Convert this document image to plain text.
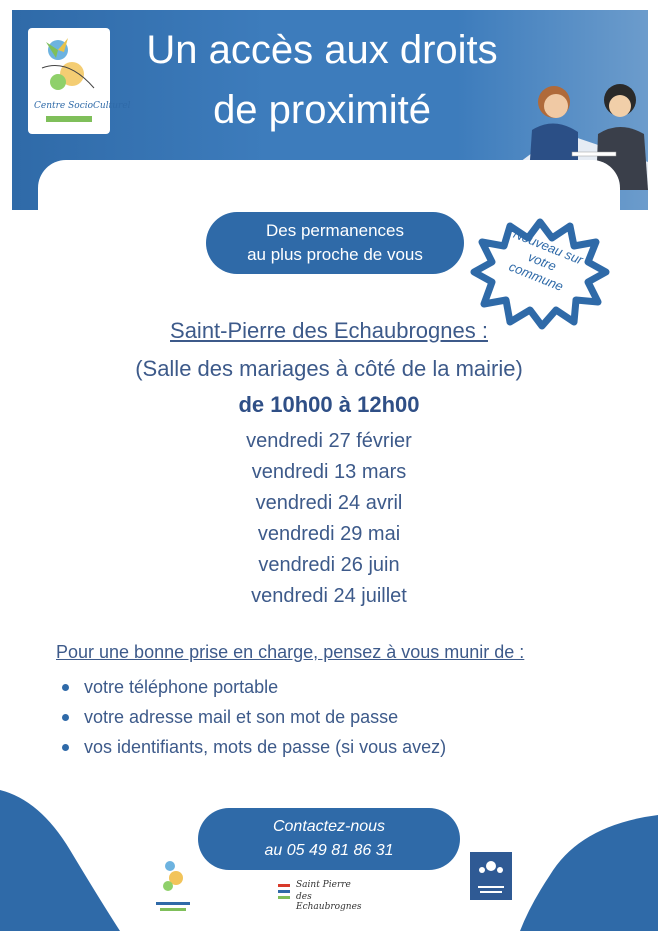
Centre SocioCulturel
Un accès aux droits
de proximité
Des permanences
au plus proche de vous	Nouveau sur votre commune
Saint-Pierre des Echaubrognes :
(Salle des mariages à côté de la mairie)
de 10h00 à 12h00
vendredi 27 février
vendredi 13 mars
vendredi 24 avril
vendredi 29 mai
vendredi 26 juin
vendredi 24 juillet
Pour une bonne prise en charge, pensez à vous munir de :
votre téléphone portable
votre adresse mail et son mot de passe
vos identifiants, mots de passe (si vous avez)
Contactez-nous
au 05 49 81 86 31
Saint Pierre
des Echaubrognes
